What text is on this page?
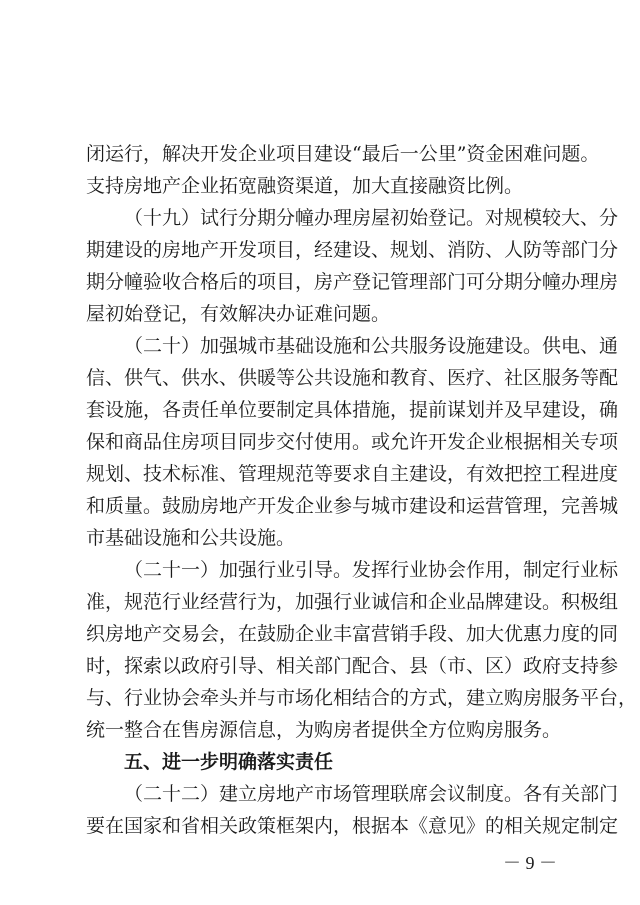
闭运行，解决开发企业项目建设“最后一公里”资金困难问题。
支持房地产企业拓宽融资渠道，加大直接融资比例。
（十九）试行分期分幢办理房屋初始登记。对规模较大、分
期建设的房地产开发项目，经建设、规划、消防、人防等部门分
期分幢验收合格后的项目，房产登记管理部门可分期分幢办理房
屋初始登记，有效解决办证难问题。
（二十）加强城市基础设施和公共服务设施建设。供电、通
信、供气、供水、供暖等公共设施和教育、医疗、社区服务等配
套设施，各责任单位要制定具体措施，提前谋划并及早建设，确
保和商品住房项目同步交付使用。或允许开发企业根据相关专项
规划、技术标准、管理规范等要求自主建设，有效把控工程进度
和质量。鼓励房地产开发企业参与城市建设和运营管理，完善城
市基础设施和公共设施。
（二十一）加强行业引导。发挥行业协会作用，制定行业标
准，规范行业经营行为，加强行业诚信和企业品牌建设。积极组
织房地产交易会，在鼓励企业丰富营销手段、加大优惠力度的同
时，探索以政府引导、相关部门配合、县（市、区）政府支持参
与、行业协会牵头并与市场化相结合的方式，建立购房服务平台，
统一整合在售房源信息，为购房者提供全方位购房服务。
五、进一步明确落实责任
（二十二）建立房地产市场管理联席会议制度。各有关部门
要在国家和省相关政策框架内，根据本《意见》的相关规定制定
－ 9 －
